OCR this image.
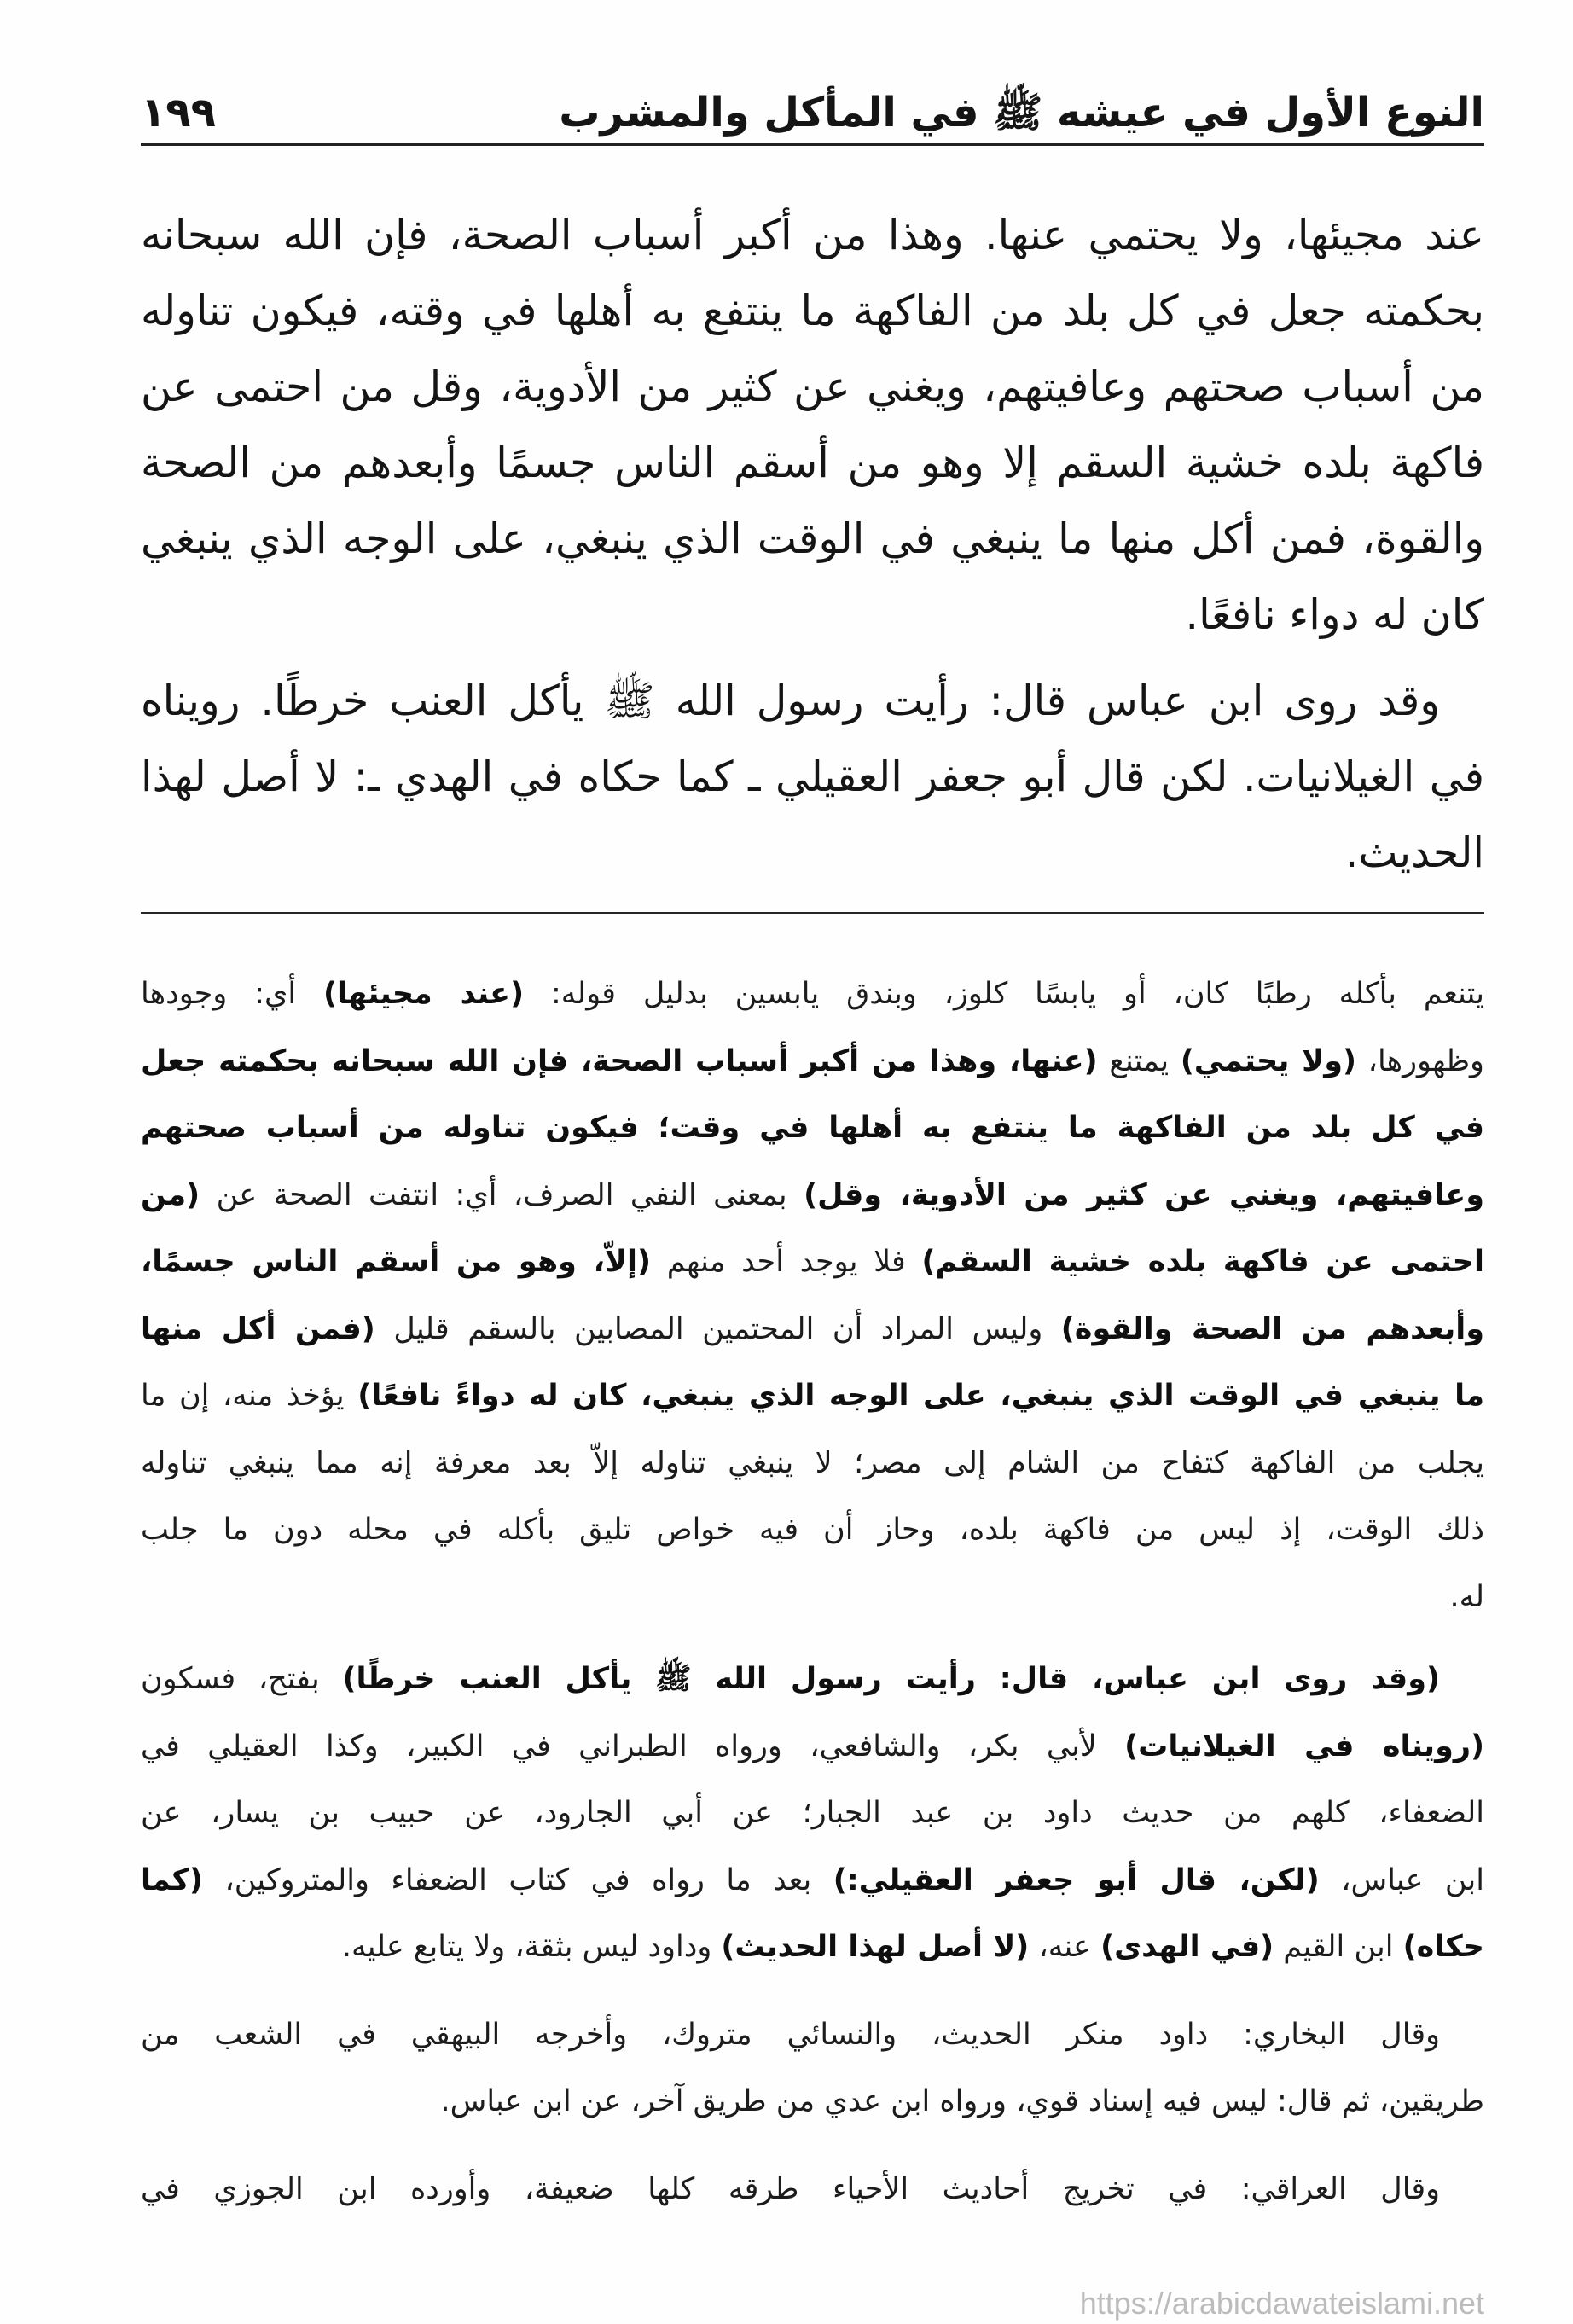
النوع الأول في عيشه ﷺ في المأكل والمشرب
١٩٩
عند مجيئها، ولا يحتمي عنها. وهذا من أكبر أسباب الصحة، فإن الله سبحانه
بحكمته جعل في كل بلد من الفاكهة ما ينتفع به أهلها في وقته، فيكون تناوله
من أسباب صحتهم وعافيتهم، ويغني عن كثير من الأدوية، وقل من احتمى عن
فاكهة بلده خشية السقم إلا وهو من أسقم الناس جسمًا وأبعدهم من الصحة
والقوة، فمن أكل منها ما ينبغي في الوقت الذي ينبغي، على الوجه الذي ينبغي
كان له دواء نافعًا.
وقد روى ابن عباس قال: رأيت رسول الله ﷺ يأكل العنب خرطًا. رويناه
في الغيلانيات. لكن قال أبو جعفر العقيلي ـ كما حكاه في الهدي ـ: لا أصل لهذا
الحديث.
يتنعم بأكله رطبًا كان، أو يابسًا كلوز، وبندق يابسين بدليل قوله: (عند مجيئها) أي: وجودها
وظهورها، (ولا يحتمي) يمتنع (عنها، وهذا من أكبر أسباب الصحة، فإن الله سبحانه بحكمته جعل
في كل بلد من الفاكهة ما ينتفع به أهلها في وقت؛ فيكون تناوله من أسباب صحتهم
وعافيتهم، ويغني عن كثير من الأدوية، وقل) بمعنى النفي الصرف، أي: انتفت الصحة عن (من
احتمى عن فاكهة بلده خشية السقم) فلا يوجد أحد منهم (إلاّ، وهو من أسقم الناس جسمًا،
وأبعدهم من الصحة والقوة) وليس المراد أن المحتمين المصابين بالسقم قليل (فمن أكل منها
ما ينبغي في الوقت الذي ينبغي، على الوجه الذي ينبغي، كان له دواءً نافعًا) يؤخذ منه، إن ما
يجلب من الفاكهة كتفاح من الشام إلى مصر؛ لا ينبغي تناوله إلاّ بعد معرفة إنه مما ينبغي تناوله
ذلك الوقت، إذ ليس من فاكهة بلده، وحاز أن فيه خواص تليق بأكله في محله دون ما جلب
له.
(وقد روى ابن عباس، قال: رأيت رسول الله ﷺ يأكل العنب خرطًا) بفتح، فسكون
(رويناه في الغيلانيات) لأبي بكر، والشافعي، ورواه الطبراني في الكبير، وكذا العقيلي في
الضعفاء، كلهم من حديث داود بن عبد الجبار؛ عن أبي الجارود، عن حبيب بن يسار، عن
ابن عباس، (لكن، قال أبو جعفر العقيلي:) بعد ما رواه في كتاب الضعفاء والمتروكين، (كما
حكاه) ابن القيم (في الهدى) عنه، (لا أصل لهذا الحديث) وداود ليس بثقة، ولا يتابع عليه.
وقال البخاري: داود منكر الحديث، والنسائي متروك، وأخرجه البيهقي في الشعب من
طريقين، ثم قال: ليس فيه إسناد قوي، ورواه ابن عدي من طريق آخر، عن ابن عباس.
وقال العراقي: في تخريج أحاديث الأحياء طرقه كلها ضعيفة، وأورده ابن الجوزي في
https://arabicdawateislami.net
